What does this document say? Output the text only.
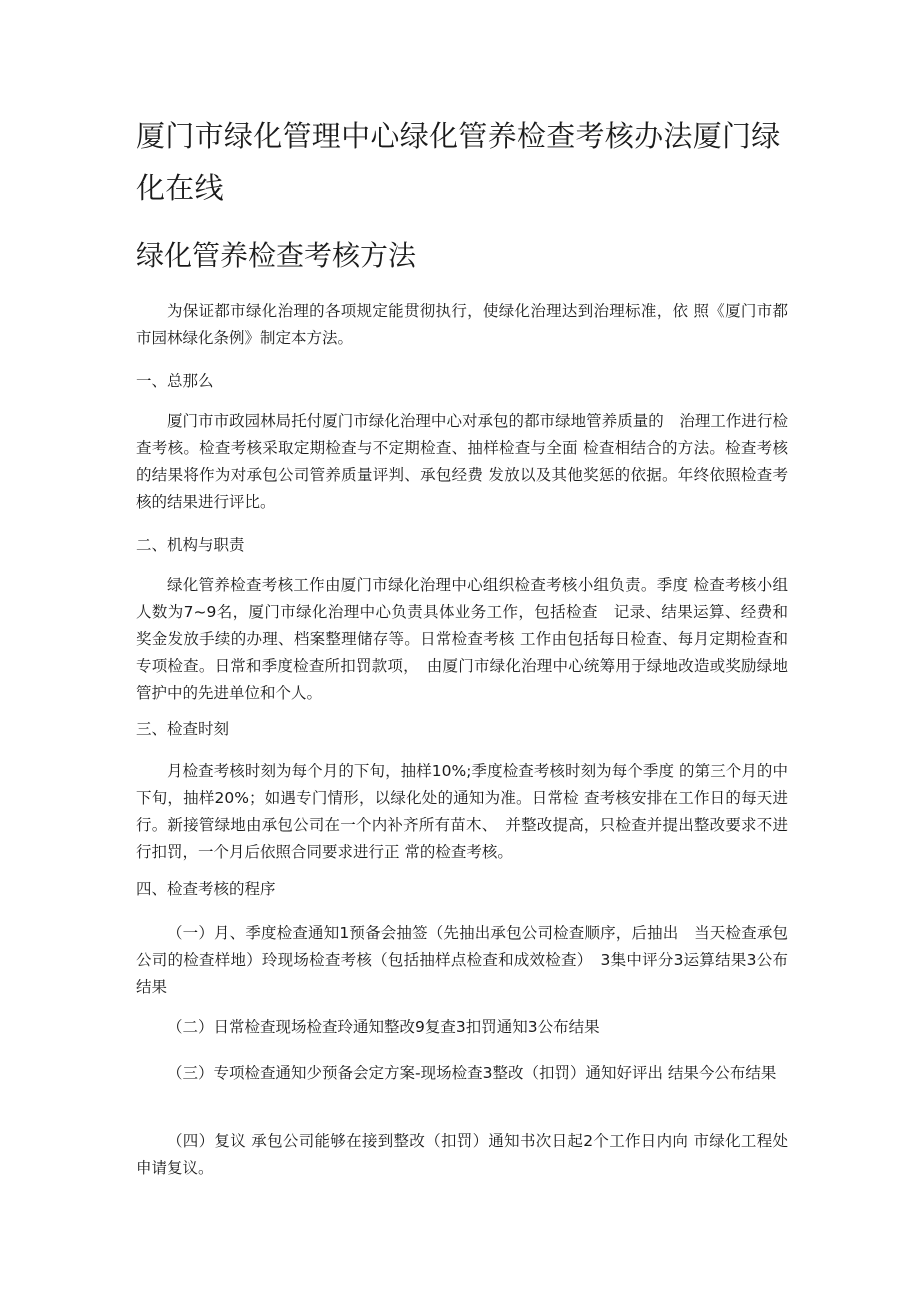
厦门市绿化管理中心绿化管养检查考核办法厦门绿化在线
绿化管养检查考核方法

为保证都市绿化治理的各项规定能贯彻执行，使绿化治理达到治理标准，依 照《厦门市都市园林绿化条例》制定本方法。

一、总那么

厦门市市政园林局托付厦门市绿化治理中心对承包的都市绿地管养质量的　治理工作进行检查考核。检查考核采取定期检查与不定期检查、抽样检查与全面 检查相结合的方法。检查考核的结果将作为对承包公司管养质量评判、承包经费 发放以及其他奖惩的依据。年终依照检查考核的结果进行评比。

二、机构与职责

绿化管养检查考核工作由厦门市绿化治理中心组织检查考核小组负责。季度 检查考核小组人数为7~9名，厦门市绿化治理中心负责具体业务工作，包括检查　记录、结果运算、经费和奖金发放手续的办理、档案整理储存等。日常检查考核 工作由包括每日检查、每月定期检查和专项检查。日常和季度检查所扣罚款项，　由厦门市绿化治理中心统筹用于绿地改造或奖励绿地管护中的先进单位和个人。

三、检查时刻

月检查考核时刻为每个月的下旬，抽样10%;季度检查考核时刻为每个季度 的第三个月的中下旬，抽样20%；如遇专门情形，以绿化处的通知为准。日常检 查考核安排在工作日的每天进行。新接管绿地由承包公司在一个内补齐所有苗木、　并整改提高，只检查并提出整改要求不进行扣罚，一个月后依照合同要求进行正 常的检查考核。

四、检查考核的程序

（一）月、季度检查通知1预备会抽签（先抽出承包公司检查顺序，后抽出　当天检查承包公司的检查样地）玲现场检查考核（包括抽样点检查和成效检查）　3集中评分3运算结果3公布结果

（二）日常检查现场检查玲通知整改9复查3扣罚通知3公布结果

（三）专项检查通知少预备会定方案-现场检查3整改（扣罚）通知好评出 结果今公布结果

（四）复议 承包公司能够在接到整改（扣罚）通知书次日起2个工作日内向 市绿化工程处申请复议。
